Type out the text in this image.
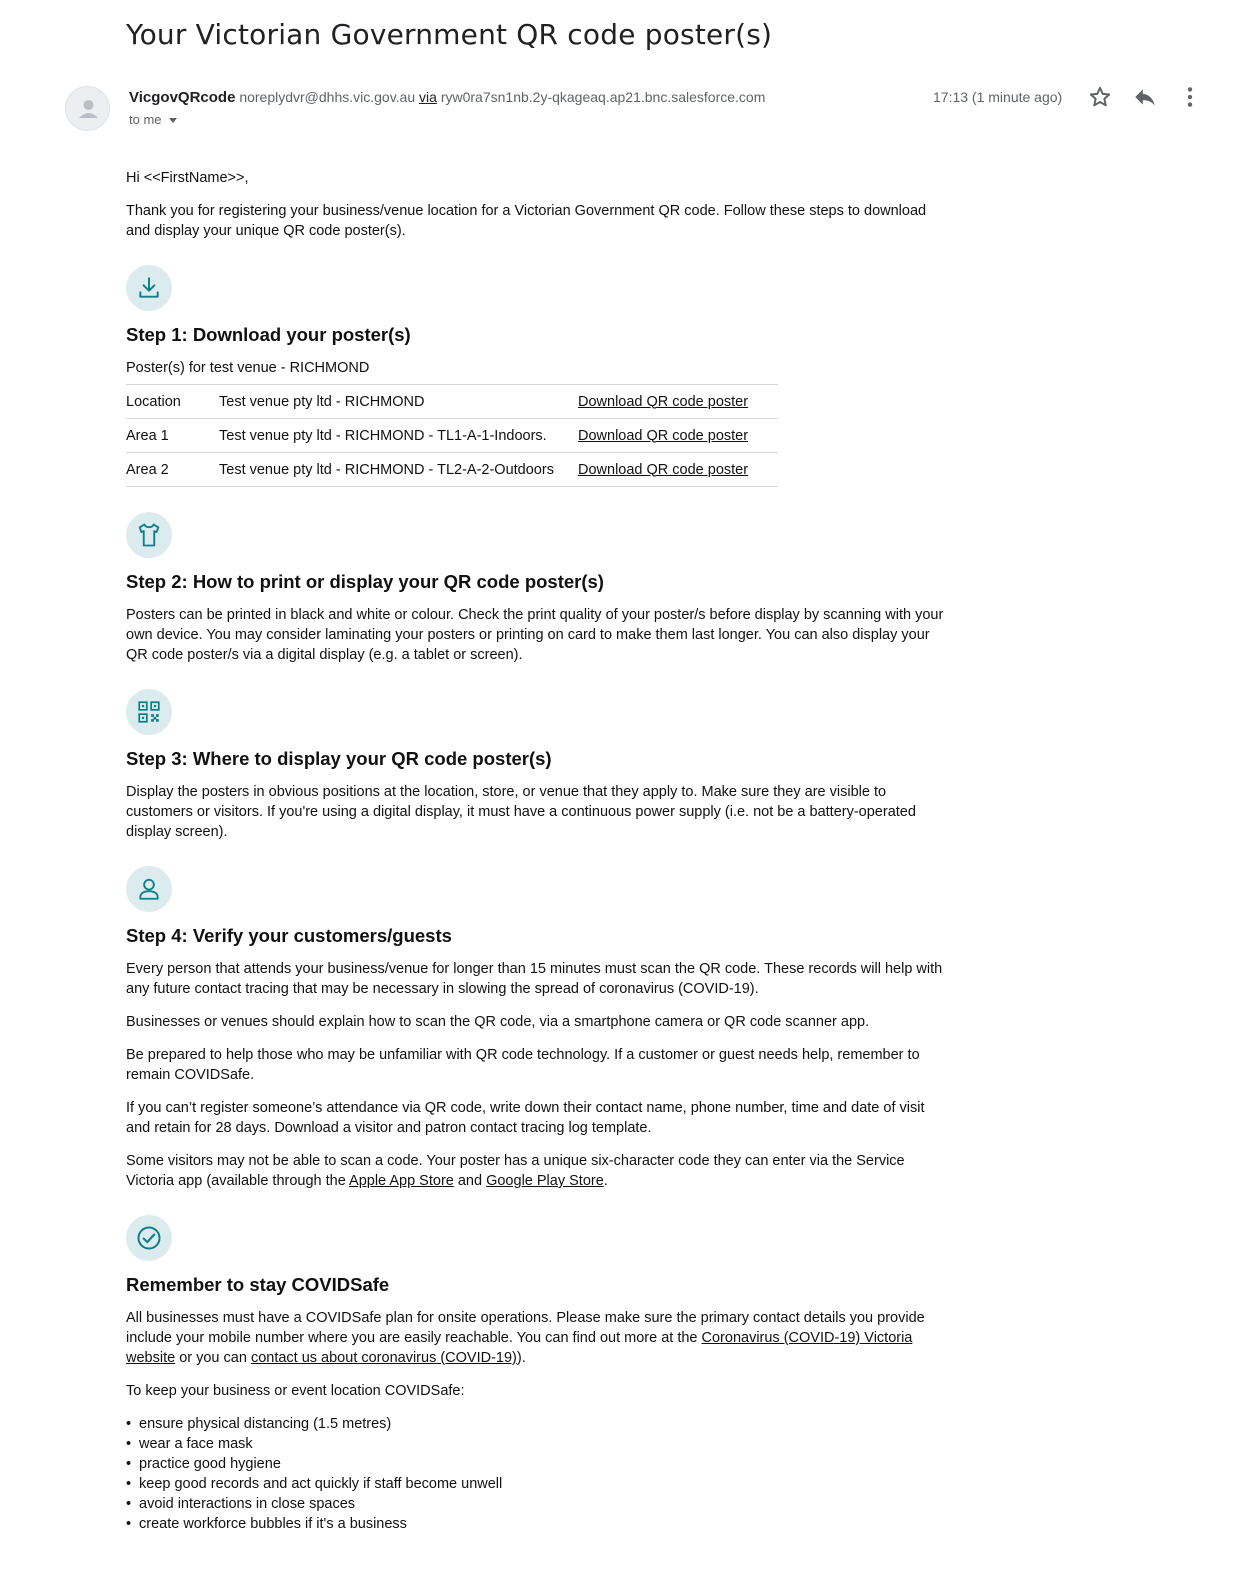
Your Victorian Government QR code poster(s)
VicgovQRcode noreplydvr@dhhs.vic.gov.au via ryw0ra7sn1nb.2y-qkageaq.ap21.bnc.salesforce.com
to me
17:13 (1 minute ago)

Hi <<FirstName>>,

Thank you for registering your business/venue location for a Victorian Government QR code. Follow these steps to download and display your unique QR code poster(s).

Step 1: Download your poster(s)

Poster(s) for test venue - RICHMOND

Location	Test venue pty ltd - RICHMOND	Download QR code poster
Area 1	Test venue pty ltd - RICHMOND - TL1-A-1-Indoors.	Download QR code poster
Area 2	Test venue pty ltd - RICHMOND - TL2-A-2-Outdoors	Download QR code poster
Step 2: How to print or display your QR code poster(s)

Posters can be printed in black and white or colour. Check the print quality of your poster/s before display by scanning with your own device. You may consider laminating your posters or printing on card to make them last longer. You can also display your QR code poster/s via a digital display (e.g. a tablet or screen).

Step 3: Where to display your QR code poster(s)

Display the posters in obvious positions at the location, store, or venue that they apply to. Make sure they are visible to customers or visitors. If you're using a digital display, it must have a continuous power supply (i.e. not be a battery-operated display screen).

Step 4: Verify your customers/guests

Every person that attends your business/venue for longer than 15 minutes must scan the QR code. These records will help with any future contact tracing that may be necessary in slowing the spread of coronavirus (COVID-19).

Businesses or venues should explain how to scan the QR code, via a smartphone camera or QR code scanner app.

Be prepared to help those who may be unfamiliar with QR code technology. If a customer or guest needs help, remember to remain COVIDSafe.

If you can’t register someone’s attendance via QR code, write down their contact name, phone number, time and date of visit and retain for 28 days. Download a visitor and patron contact tracing log template.

Some visitors may not be able to scan a code. Your poster has a unique six-character code they can enter via the Service Victoria app (available through the Apple App Store and Google Play Store.

Remember to stay COVIDSafe

All businesses must have a COVIDSafe plan for onsite operations. Please make sure the primary contact details you provide include your mobile number where you are easily reachable. You can find out more at the Coronavirus (COVID-19) Victoria website or you can contact us about coronavirus (COVID-19)).

To keep your business or event location COVIDSafe:

• ensure physical distancing (1.5 metres)
• wear a face mask
• practice good hygiene
• keep good records and act quickly if staff become unwell
• avoid interactions in close spaces
• create workforce bubbles if it's a business
